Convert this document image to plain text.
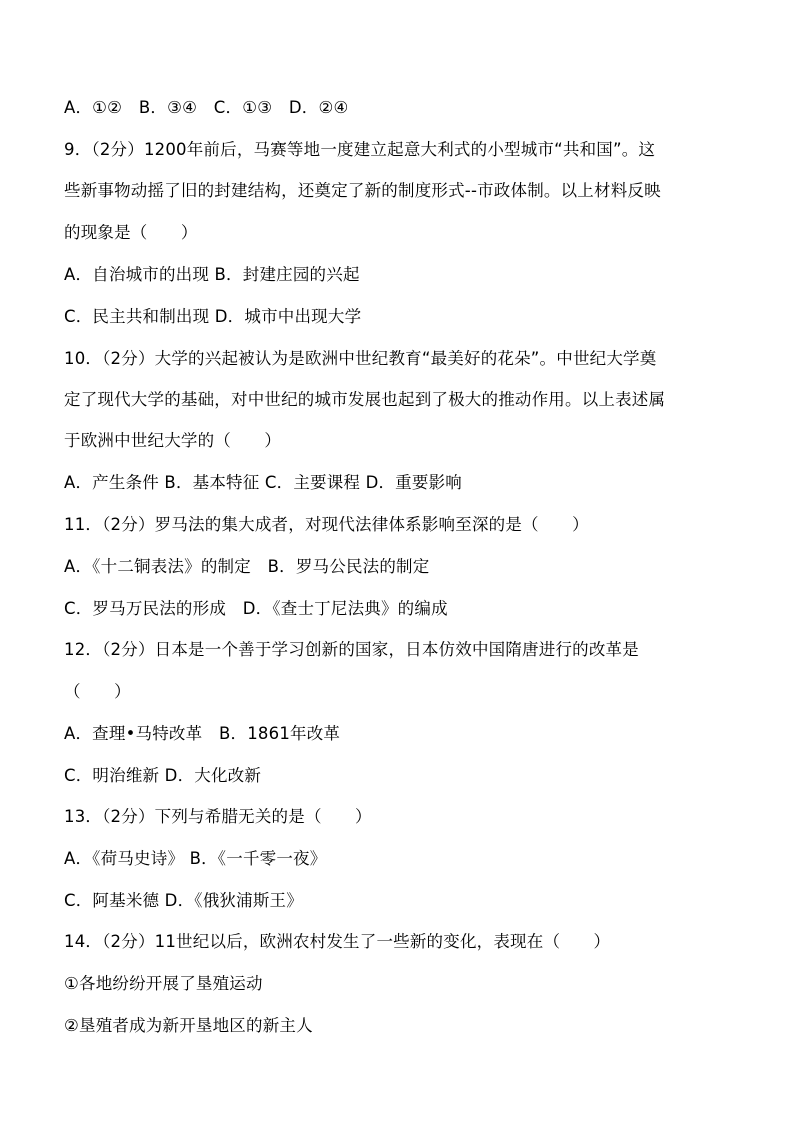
A．①②　B．③④　C．①③　D．②④
9．（2分）1200年前后，马赛等地一度建立起意大利式的小型城市“共和国”。这
些新事物动摇了旧的封建结构，还奠定了新的制度形式--市政体制。以上材料反映
的现象是（　　）
A．自治城市的出现 B．封建庄园的兴起
C．民主共和制出现 D．城市中出现大学
10．（2分）大学的兴起被认为是欧洲中世纪教育“最美好的花朵”。中世纪大学奠
定了现代大学的基础，对中世纪的城市发展也起到了极大的推动作用。以上表述属
于欧洲中世纪大学的（　　）
A．产生条件 B．基本特征 C．主要课程 D．重要影响
11．（2分）罗马法的集大成者，对现代法律体系影响至深的是（　　）
A．《十二铜表法》的制定　B．罗马公民法的制定
C．罗马万民法的形成　D．《查士丁尼法典》的编成
12．（2分）日本是一个善于学习创新的国家，日本仿效中国隋唐进行的改革是
（　　）
A．查理•马特改革　B．1861年改革
C．明治维新 D．大化改新
13．（2分）下列与希腊无关的是（　　）
A．《荷马史诗》 B．《一千零一夜》
C．阿基米德 D．《俄狄浦斯王》
14．（2分）11世纪以后，欧洲农村发生了一些新的变化，表现在（　　）
①各地纷纷开展了垦殖运动
②垦殖者成为新开垦地区的新主人
